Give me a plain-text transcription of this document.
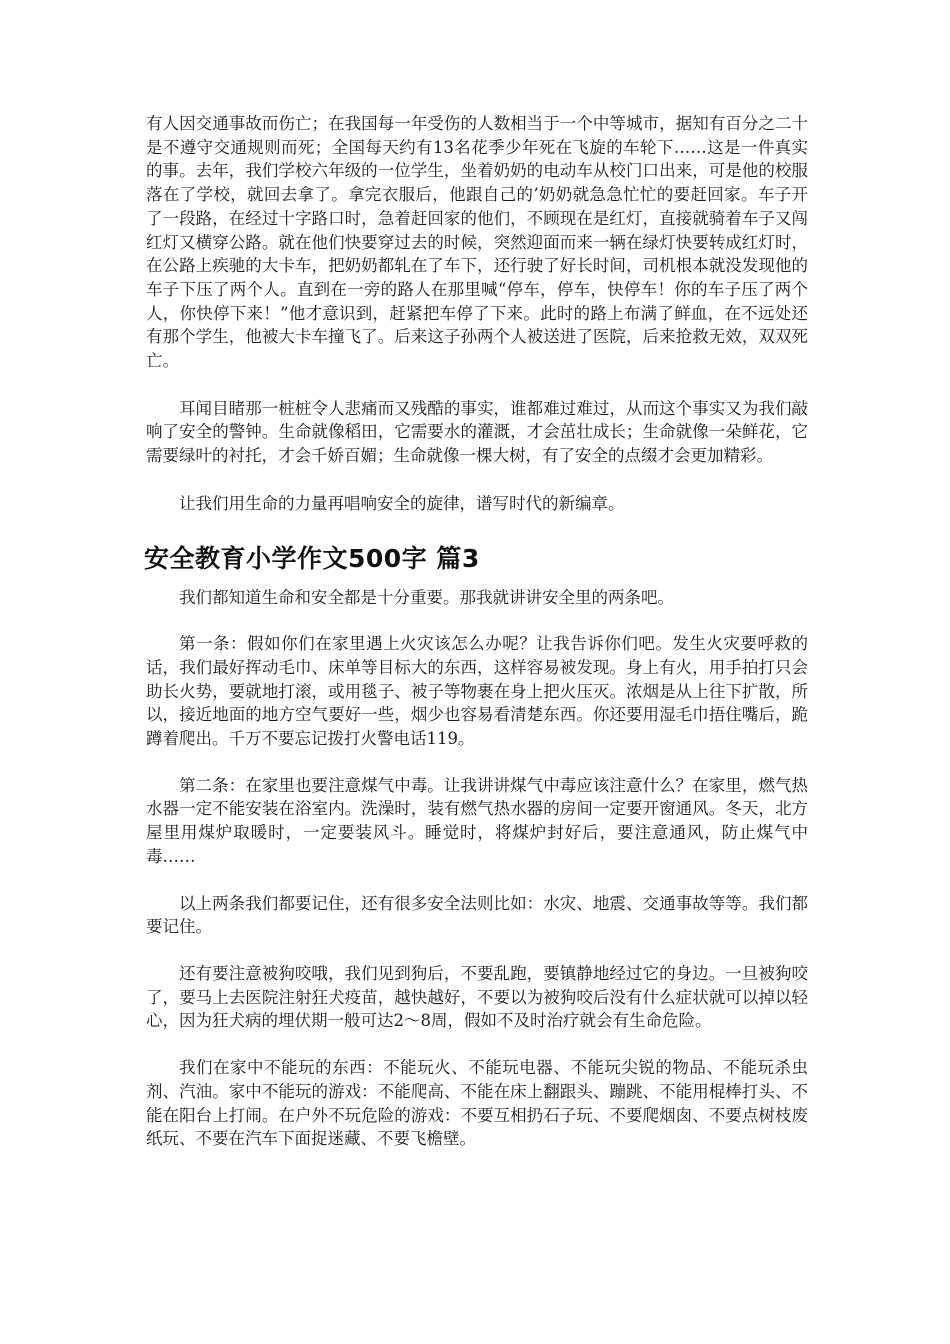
有人因交通事故而伤亡；在我国每一年受伤的人数相当于一个中等城市，据知有百分之二十是不遵守交通规则而死；全国每天约有13名花季少年死在飞旋的车轮下……这是一件真实的事。去年，我们学校六年级的一位学生，坐着奶奶的电动车从校门口出来，可是他的校服落在了学校，就回去拿了。拿完衣服后，他跟自己的’奶奶就急急忙忙的要赶回家。车子开了一段路，在经过十字路口时，急着赶回家的他们，不顾现在是红灯，直接就骑着车子又闯红灯又横穿公路。就在他们快要穿过去的时候，突然迎面而来一辆在绿灯快要转成红灯时，在公路上疾驰的大卡车，把奶奶都轧在了车下，还行驶了好长时间，司机根本就没发现他的车子下压了两个人。直到在一旁的路人在那里喊“停车，停车，快停车！你的车子压了两个人，你快停下来！”他才意识到，赶紧把车停了下来。此时的路上布满了鲜血，在不远处还有那个学生，他被大卡车撞飞了。后来这子孙两个人被送进了医院，后来抢救无效，双双死亡。

耳闻目睹那一桩桩令人悲痛而又残酷的事实，谁都难过难过，从而这个事实又为我们敲响了安全的警钟。生命就像稻田，它需要水的灌溉，才会茁壮成长；生命就像一朵鲜花，它需要绿叶的衬托，才会千娇百媚；生命就像一棵大树，有了安全的点缀才会更加精彩。

让我们用生命的力量再唱响安全的旋律，谱写时代的新编章。

安全教育小学作文500字 篇3

我们都知道生命和安全都是十分重要。那我就讲讲安全里的两条吧。

第一条：假如你们在家里遇上火灾该怎么办呢？让我告诉你们吧。发生火灾要呼救的话，我们最好挥动毛巾、床单等目标大的东西，这样容易被发现。身上有火，用手拍打只会助长火势，要就地打滚，或用毯子、被子等物裹在身上把火压灭。浓烟是从上往下扩散，所以，接近地面的地方空气要好一些，烟少也容易看清楚东西。你还要用湿毛巾捂住嘴后，跪蹲着爬出。千万不要忘记拨打火警电话119。

第二条：在家里也要注意煤气中毒。让我讲讲煤气中毒应该注意什么？在家里，燃气热水器一定不能安装在浴室内。洗澡时，装有燃气热水器的房间一定要开窗通风。冬天，北方屋里用煤炉取暖时，一定要装风斗。睡觉时，将煤炉封好后，要注意通风，防止煤气中毒……

以上两条我们都要记住，还有很多安全法则比如：水灾、地震、交通事故等等。我们都要记住。

还有要注意被狗咬哦，我们见到狗后，不要乱跑，要镇静地经过它的身边。一旦被狗咬了，要马上去医院注射狂犬疫苗，越快越好，不要以为被狗咬后没有什么症状就可以掉以轻心，因为狂犬病的埋伏期一般可达2～8周，假如不及时治疗就会有生命危险。

我们在家中不能玩的东西：不能玩火、不能玩电器、不能玩尖锐的物品、不能玩杀虫剂、汽油。家中不能玩的游戏：不能爬高、不能在床上翻跟头、蹦跳、不能用棍棒打头、不能在阳台上打闹。在户外不玩危险的游戏：不要互相扔石子玩、不要爬烟囱、不要点树枝废纸玩、不要在汽车下面捉迷藏、不要飞檐壁。
